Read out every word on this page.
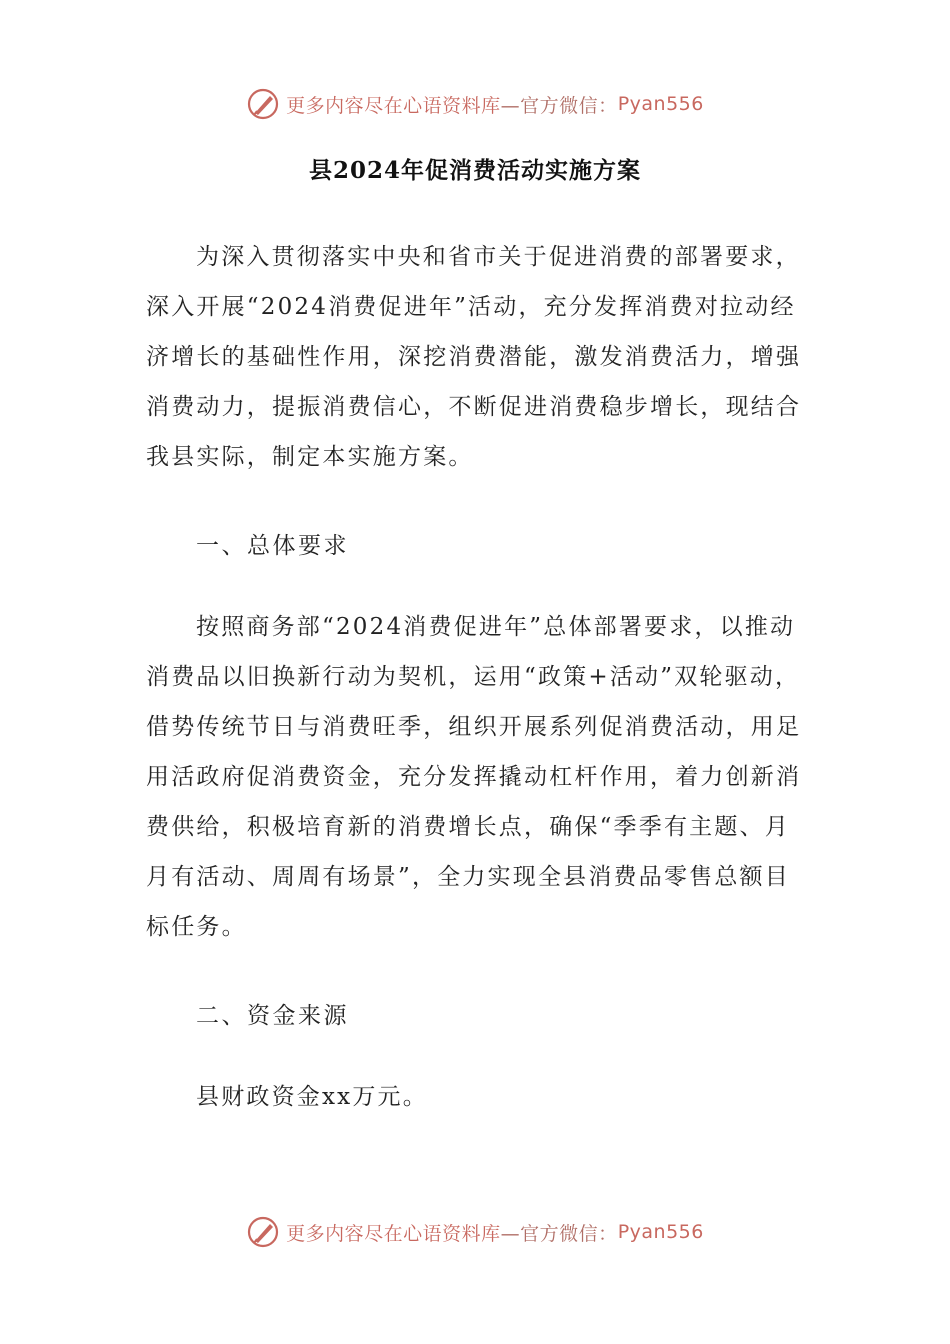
更多内容尽在心语资料库 —官方微信： Pyan556
县2024年促消费活动实施方案

为深入贯彻落实中央和省市关于促进消费的部署要求，深入开展“2024消费促进年”活动，充分发挥消费对拉动经济增长的基础性作用，深挖消费潜能，激发消费活力，增强消费动力，提振消费信心，不断促进消费稳步增长，现结合我县实际，制定本实施方案。

一、总体要求

按照商务部“2024消费促进年”总体部署要求，以推动消费品以旧换新行动为契机，运用“政策+活动”双轮驱动，借势传统节日与消费旺季，组织开展系列促消费活动，用足用活政府促消费资金，充分发挥撬动杠杆作用，着力创新消费供给，积极培育新的消费增长点，确保“季季有主题、月月有活动、周周有场景”，全力实现全县消费品零售总额目标任务。

二、资金来源

县财政资金xx万元。

更多内容尽在心语资料库 —官方微信： Pyan556
